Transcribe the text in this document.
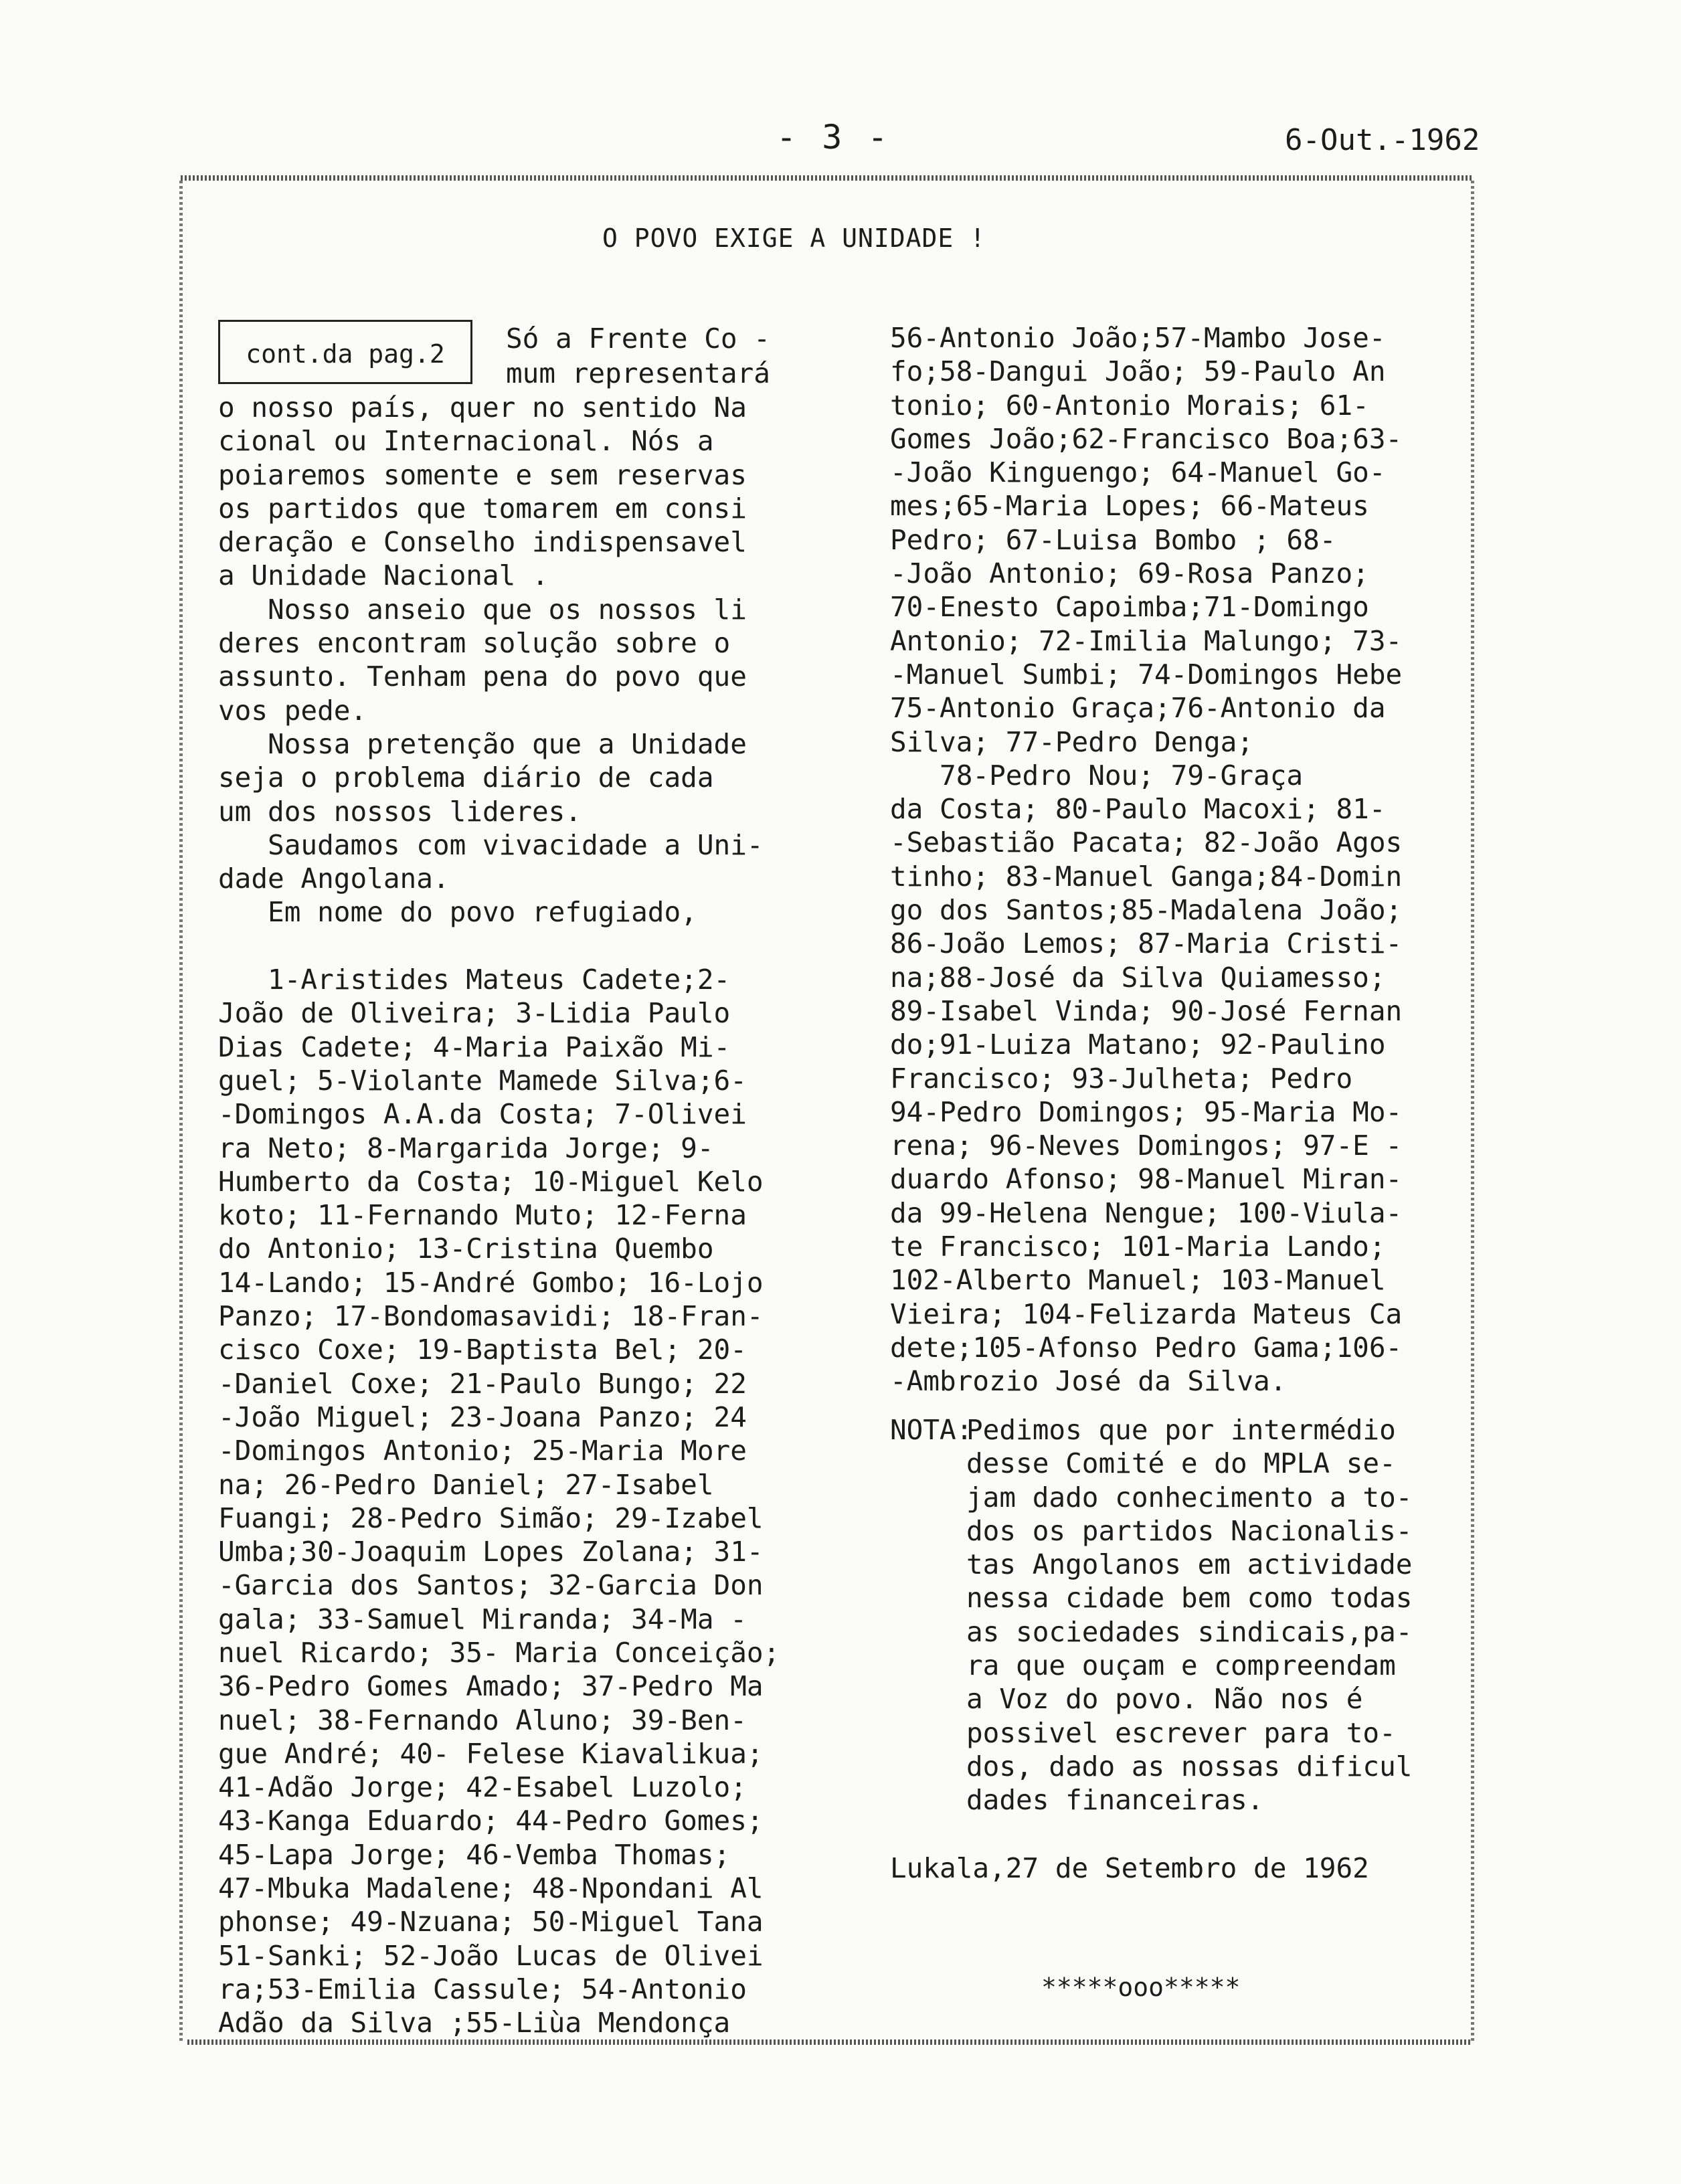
- 3 -	6-Out.-1962
O POVO EXIGE A UNIDADE !
cont.da pag.2	Só a Frente Co -
mum representará
o nosso país, quer no sentido Na
cional ou Internacional. Nós a
poiaremos somente e sem reservas
os partidos que tomarem em consi
deração e Conselho indispensavel
a Unidade Nacional .
Nosso anseio que os nossos li
deres encontram solução sobre o
assunto. Tenham pena do povo que
vos pede.
Nossa pretenção que a Unidade
seja o problema diário de cada
um dos nossos lideres.
Saudamos com vivacidade a Uni-
dade Angolana.
Em nome do povo refugiado,

1-Aristides Mateus Cadete;2-
João de Oliveira; 3-Lidia Paulo
Dias Cadete; 4-Maria Paixão Mi-
guel; 5-Violante Mamede Silva;6-
-Domingos A.A.da Costa; 7-Olivei
ra Neto; 8-Margarida Jorge; 9-
Humberto da Costa; 10-Miguel Kelo
koto; 11-Fernando Muto; 12-Ferna
do Antonio; 13-Cristina Quembo
14-Lando; 15-André Gombo; 16-Lojo
Panzo; 17-Bondomasavidi; 18-Fran-
cisco Coxe; 19-Baptista Bel; 20-
-Daniel Coxe; 21-Paulo Bungo; 22
-João Miguel; 23-Joana Panzo; 24
-Domingos Antonio; 25-Maria More
na; 26-Pedro Daniel; 27-Isabel
Fuangi; 28-Pedro Simão; 29-Izabel
Umba;30-Joaquim Lopes Zolana; 31-
-Garcia dos Santos; 32-Garcia Don
gala; 33-Samuel Miranda; 34-Ma -
nuel Ricardo; 35- Maria Conceição;
36-Pedro Gomes Amado; 37-Pedro Ma
nuel; 38-Fernando Aluno; 39-Ben-
gue André; 40- Felese Kiavalikua;
41-Adão Jorge; 42-Esabel Luzolo;
43-Kanga Eduardo; 44-Pedro Gomes;
45-Lapa Jorge; 46-Vemba Thomas;
47-Mbuka Madalene; 48-Npondani Al
phonse; 49-Nzuana; 50-Miguel Tana
51-Sanki; 52-João Lucas de Olivei
ra;53-Emilia Cassule; 54-Antonio
Adão da Silva ;55-Liùa Mendonça
56-Antonio João;57-Mambo Jose-
fo;58-Dangui João; 59-Paulo An
tonio; 60-Antonio Morais; 61-
Gomes João;62-Francisco Boa;63-
-João Kinguengo; 64-Manuel Go-
mes;65-Maria Lopes; 66-Mateus
Pedro; 67-Luisa Bombo ; 68-
-João Antonio; 69-Rosa Panzo;
70-Enesto Capoimba;71-Domingo
Antonio; 72-Imilia Malungo; 73-
-Manuel Sumbi; 74-Domingos Hebe
75-Antonio Graça;76-Antonio da
Silva; 77-Pedro Denga;
78-Pedro Nou; 79-Graça
da Costa; 80-Paulo Macoxi; 81-
-Sebastião Pacata; 82-João Agos
tinho; 83-Manuel Ganga;84-Domin
go dos Santos;85-Madalena João;
86-João Lemos; 87-Maria Cristi-
na;88-José da Silva Quiamesso;
89-Isabel Vinda; 90-José Fernan
do;91-Luiza Matano; 92-Paulino
Francisco; 93-Julheta; Pedro
94-Pedro Domingos; 95-Maria Mo-
rena; 96-Neves Domingos; 97-E -
duardo Afonso; 98-Manuel Miran-
da 99-Helena Nengue; 100-Viula-
te Francisco; 101-Maria Lando;
102-Alberto Manuel; 103-Manuel
Vieira; 104-Felizarda Mateus Ca
dete;105-Afonso Pedro Gama;106-
-Ambrozio José da Silva.
NOTA:
Pedimos que por intermédio
desse Comité e do MPLA se-
jam dado conhecimento a to-
dos os partidos Nacionalis-
tas Angolanos em actividade
nessa cidade bem como todas
as sociedades sindicais,pa-
ra que ouçam e compreendam
a Voz do povo. Não nos é
possivel escrever para to-
dos, dado as nossas dificul
dades financeiras.
Lukala,27 de Setembro de 1962
*****ooo*****
